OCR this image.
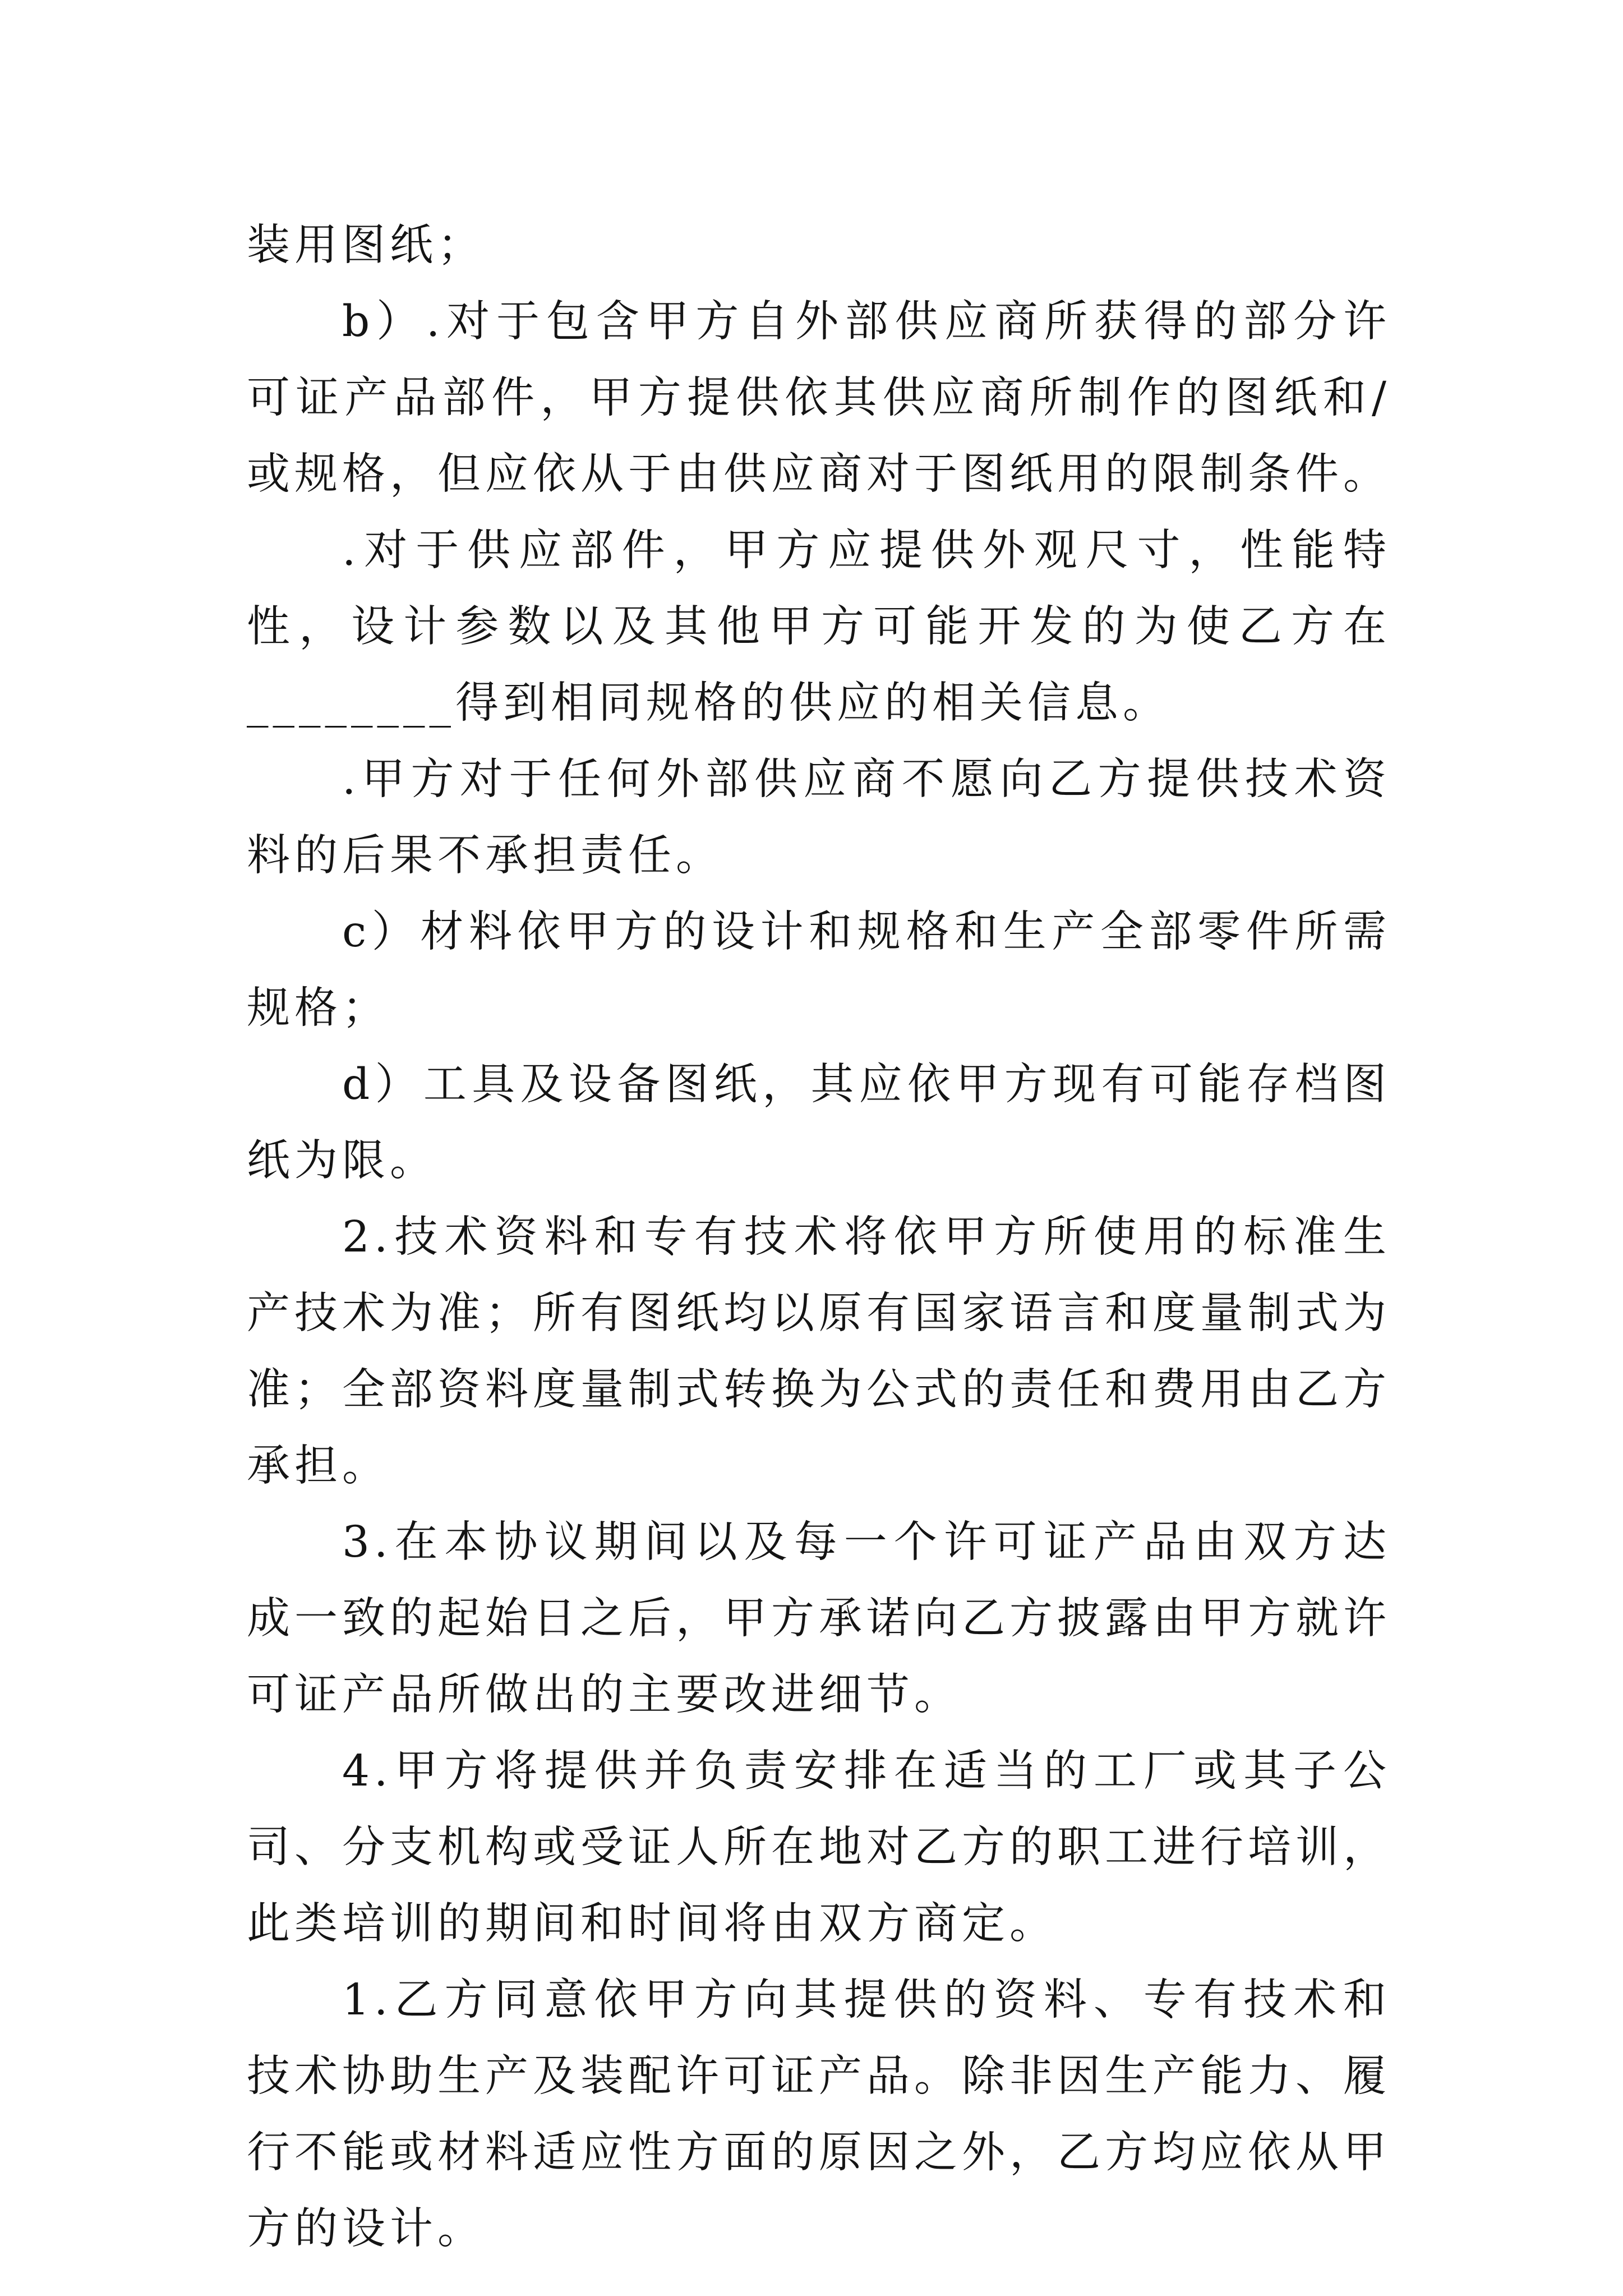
装用图纸；

b）.对于包含甲方自外部供应商所获得的部分许可证产品部件，甲方提供依其供应商所制作的图纸和/或规格，但应依从于由供应商对于图纸用的限制条件。

.对于供应部件，甲方应提供外观尺寸，性能特性，设计参数以及其他甲方可能开发的为使乙方在________得到相同规格的供应的相关信息。

.甲方对于任何外部供应商不愿向乙方提供技术资料的后果不承担责任。

c）材料依甲方的设计和规格和生产全部零件所需规格；

d）工具及设备图纸，其应依甲方现有可能存档图纸为限。

2.技术资料和专有技术将依甲方所使用的标准生产技术为准；所有图纸均以原有国家语言和度量制式为准；全部资料度量制式转换为公式的责任和费用由乙方承担。

3.在本协议期间以及每一个许可证产品由双方达成一致的起始日之后，甲方承诺向乙方披露由甲方就许可证产品所做出的主要改进细节。

4.甲方将提供并负责安排在适当的工厂或其子公司、分支机构或受证人所在地对乙方的职工进行培训，此类培训的期间和时间将由双方商定。

1.乙方同意依甲方向其提供的资料、专有技术和技术协助生产及装配许可证产品。除非因生产能力、履行不能或材料适应性方面的原因之外，乙方均应依从甲方的设计。
